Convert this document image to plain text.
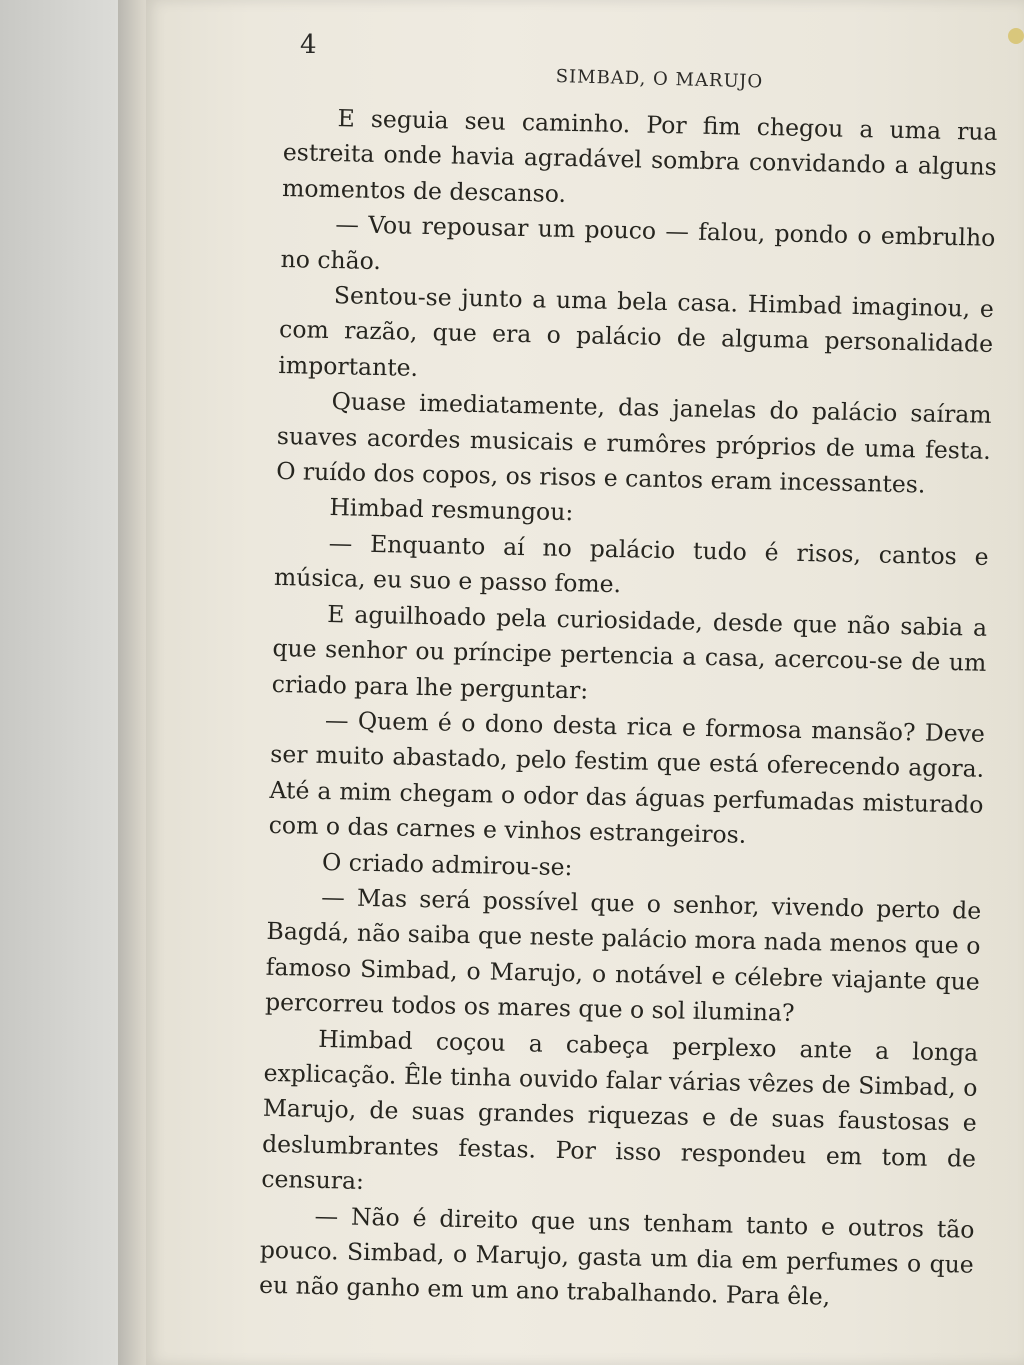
4
SIMBAD, O MARUJO

E seguia seu caminho. Por fim chegou a uma rua estreita onde havia agradável sombra convidando a alguns momentos de descanso.

— Vou repousar um pouco — falou, pondo o embrulho no chão.

Sentou-se junto a uma bela casa. Himbad imaginou, e com razão, que era o palácio de alguma personalidade importante.

Quase imediatamente, das janelas do palácio saíram suaves acordes musicais e rumôres próprios de uma festa. O ruído dos copos, os risos e cantos eram incessantes.

Himbad resmungou:

— Enquanto aí no palácio tudo é risos, cantos e música, eu suo e passo fome.

E aguilhoado pela curiosidade, desde que não sabia a que senhor ou príncipe pertencia a casa, acercou-se de um criado para lhe perguntar:

— Quem é o dono desta rica e formosa mansão? Deve ser muito abastado, pelo festim que está oferecendo agora. Até a mim chegam o odor das águas perfumadas misturado com o das carnes e vinhos estrangeiros.

O criado admirou-se:

— Mas será possível que o senhor, vivendo perto de Bagdá, não saiba que neste palácio mora nada menos que o famoso Simbad, o Marujo, o notável e célebre viajante que percorreu todos os mares que o sol ilumina?

Himbad coçou a cabeça perplexo ante a longa explicação. Êle tinha ouvido falar várias vêzes de Simbad, o Marujo, de suas grandes riquezas e de suas faustosas e deslumbrantes festas. Por isso respondeu em tom de censura:

— Não é direito que uns tenham tanto e outros tão pouco. Simbad, o Marujo, gasta um dia em perfumes o que eu não ganho em um ano trabalhando. Para êle,
